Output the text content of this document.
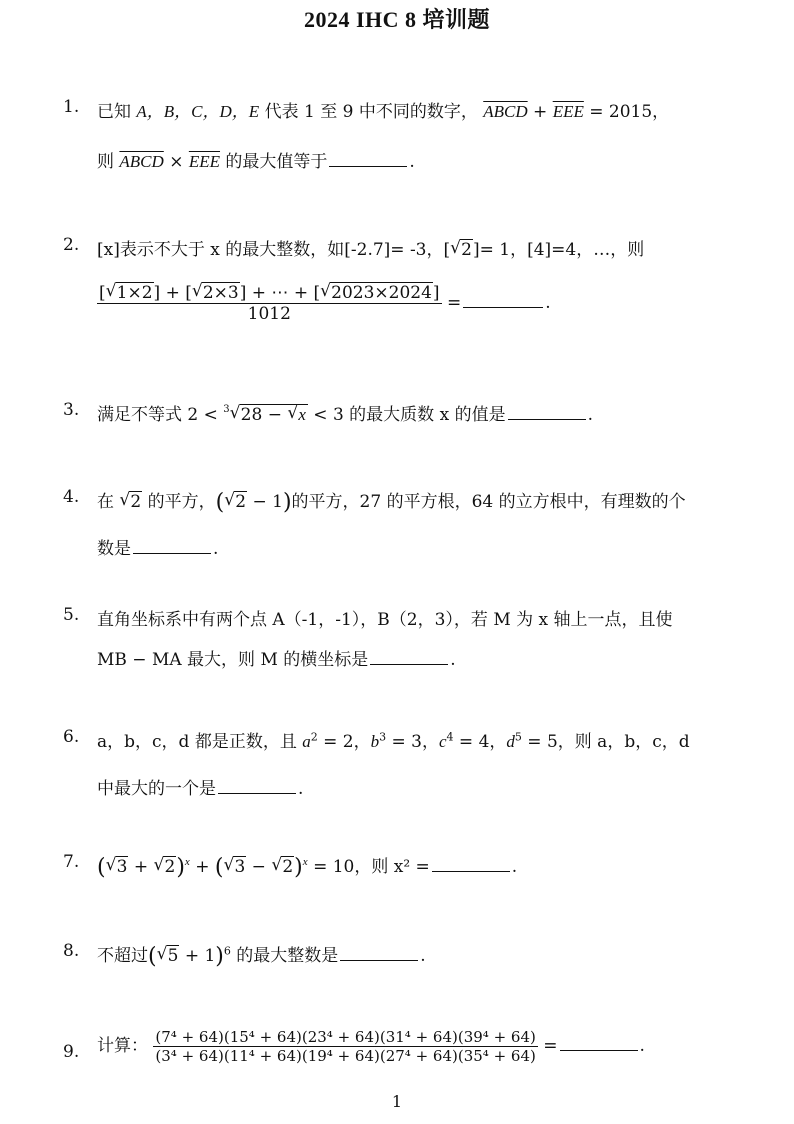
2024 IHC 8 培训题
1.	已知 A，B，C，D，E 代表 1 至 9 中不同的数字， ABCD + $\overline{EEE} = 2015$，
则 ABCD × $\overline{EEE}$ 的最大值等于	.
2.	[x]表示不大于 x 的最大整数，如[-2.7]= -3，[ √ 2]= 1，[4]=4，…，则
$\frac{[ √ 1\times 2] + [ √ 2\times 3] + \cdots + [ √ 2023\times 2024]}{1012}$ =	.
3.	满足不等式 2 < $^3$ √ 28 − √ x < 3 的最大质数 x 的值是	.
4.	在 √ 2 的平方，( √ 2 − 1)的平方，27 的平方根，64 的立方根中，有理数的个
数是	.
5.	直角坐标系中有两个点 A（-1，-1），B（2，3），若 M 为 x 轴上一点，且使
MB − MA 最大，则 M 的横坐标是	.
6.	a，b，c，d 都是正数，且 $a^2 = 2$，$b^3 = 3$，$c^4 = 4$，$d^5 = 5$，则 a，b，c，d
中最大的一个是	.
7. ( √ 3 + √ 2)$^x$ + ( √ 3 − √ 2)$^x$ = 10，则 x² =	.
8.	不超过( √ 5 + 1)$^6$ 的最大整数是	.
9.	计算： $\frac{\text{(7⁴ + 64)(15⁴ + 64)(23⁴ + 64)(31⁴ + 64)(39⁴ + 64)}}{\text{(3⁴ + 64)(11⁴ + 64)(19⁴ + 64)(27⁴ + 64)(35⁴ + 64)}}$ =	.
1
